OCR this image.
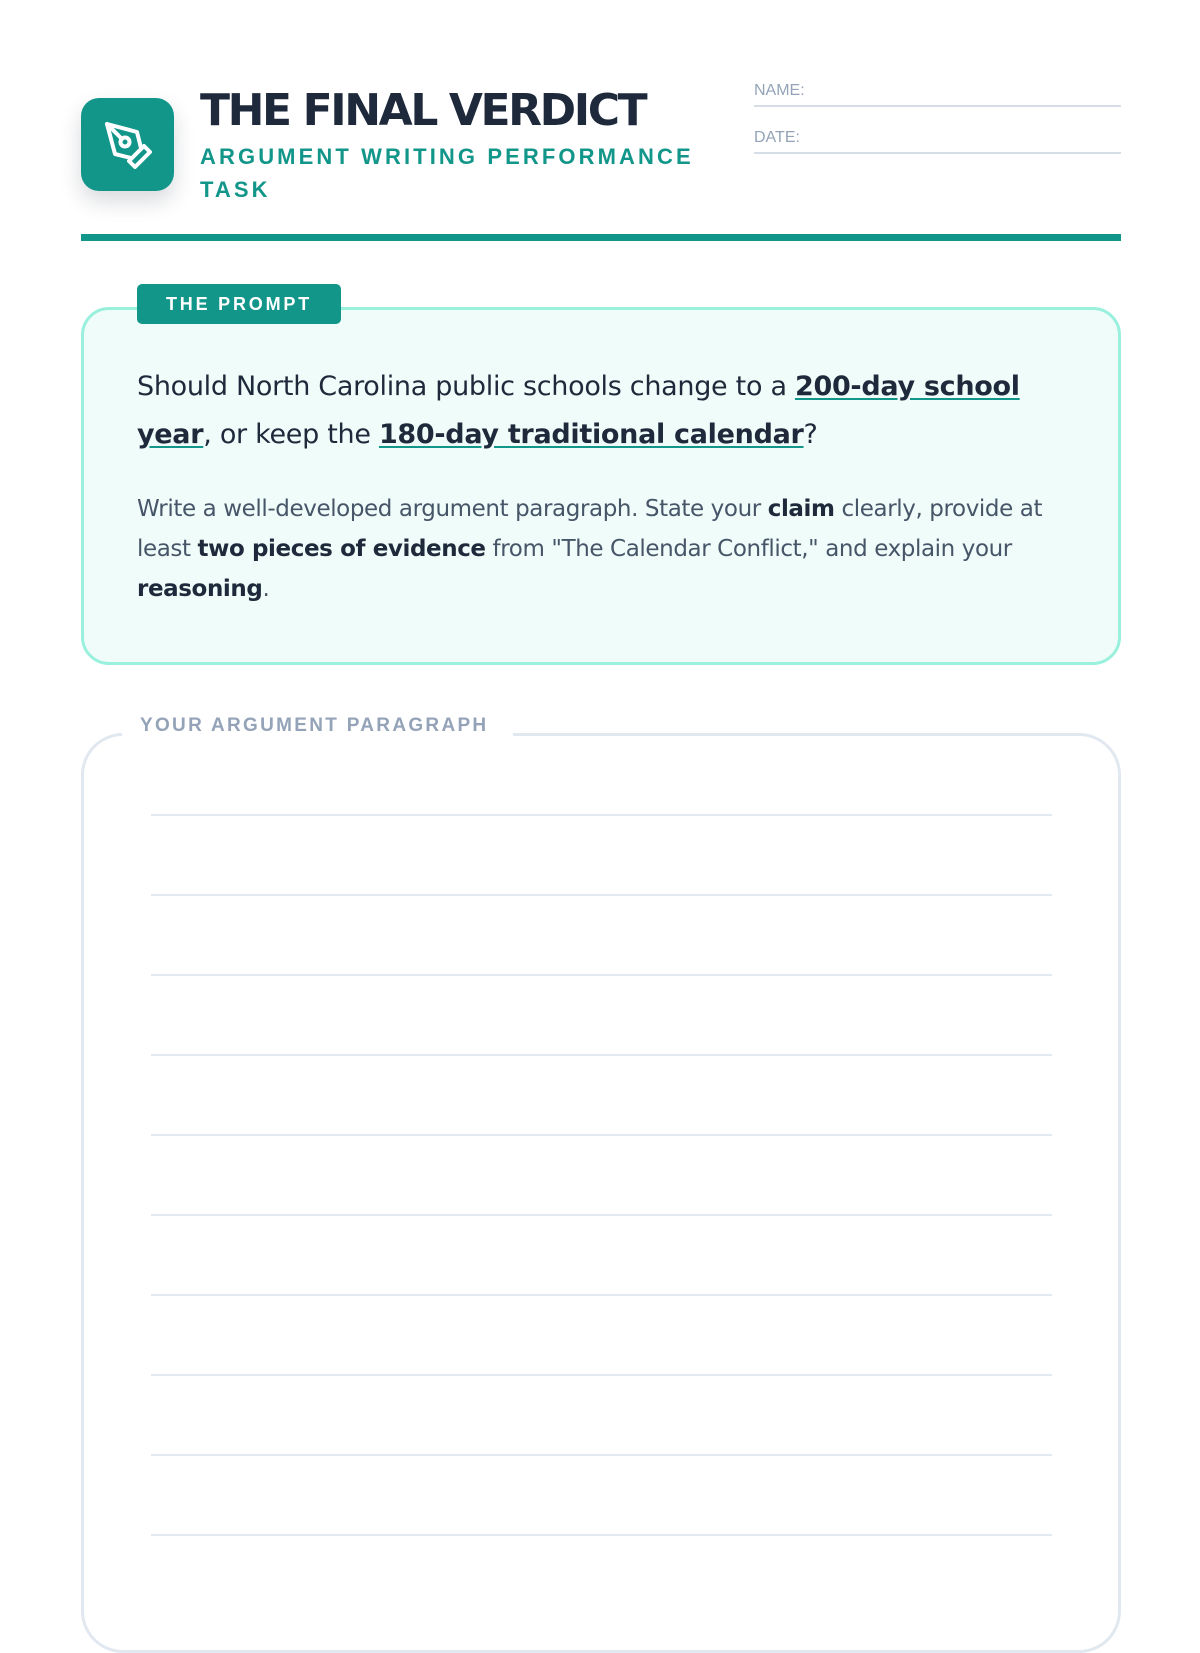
THE FINAL VERDICT
ARGUMENT WRITING PERFORMANCE TASK
NAME:
DATE:
THE PROMPT
Should North Carolina public schools change to a 200-day school year, or keep the 180-day traditional calendar?
Write a well-developed argument paragraph. State your claim clearly, provide at least two pieces of evidence from "The Calendar Conflict," and explain your reasoning.
YOUR ARGUMENT PARAGRAPH
